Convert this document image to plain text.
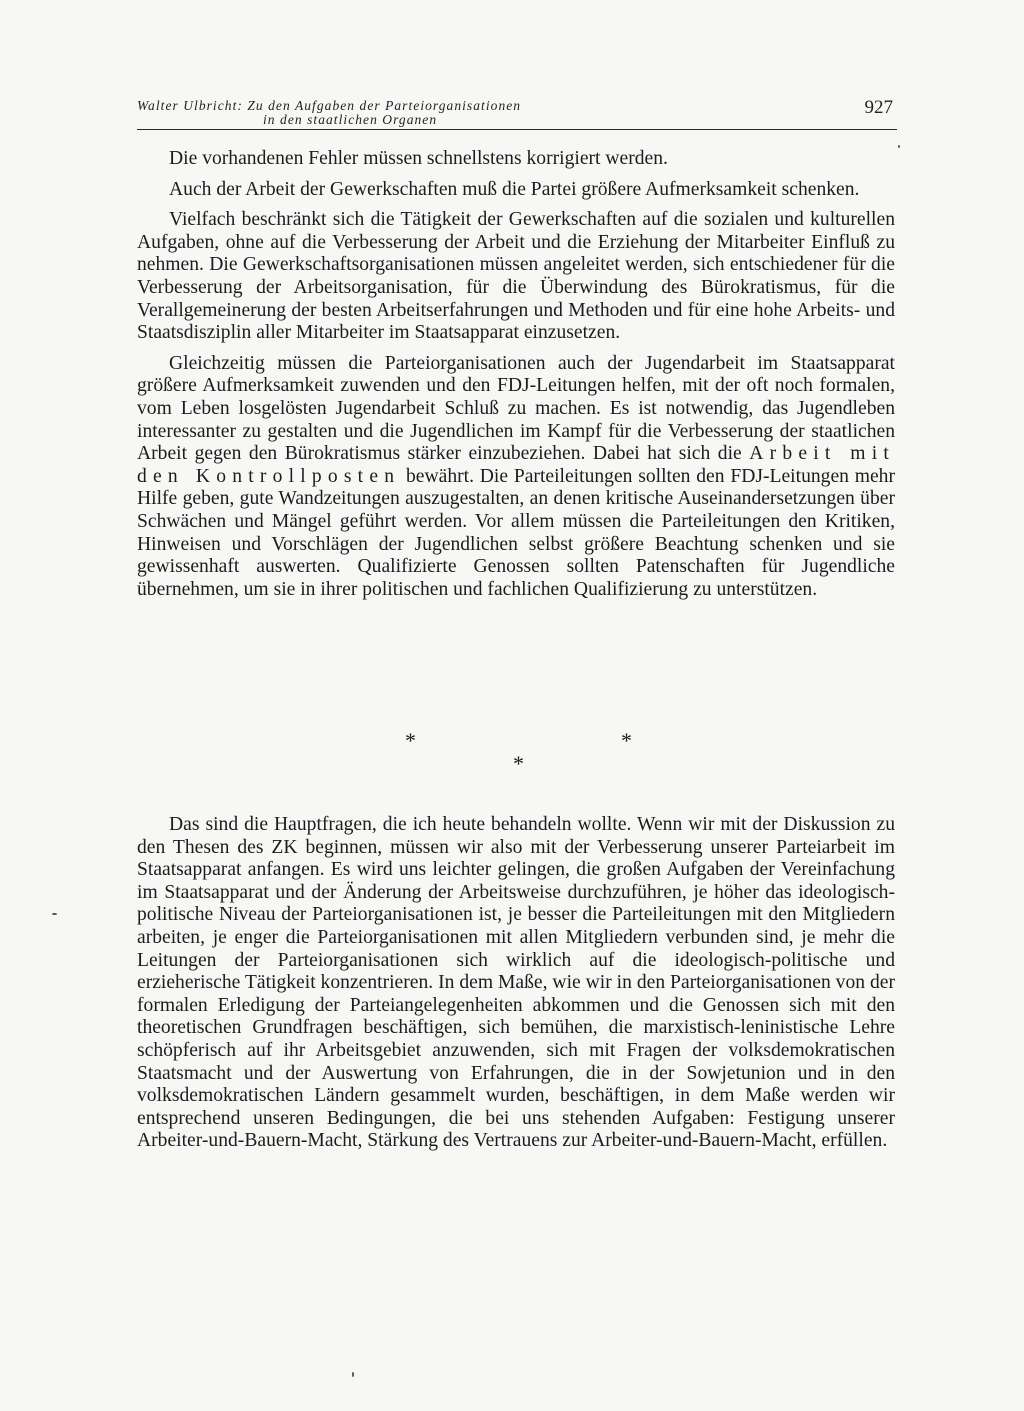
Walter Ulbricht: Zu den Aufgaben der Parteiorganisationen
in den staatlichen Organen
927

Die vorhandenen Fehler müssen schnellstens korrigiert werden.

Auch der Arbeit der Gewerkschaften muß die Partei größere Aufmerksamkeit schenken.

Vielfach beschränkt sich die Tätigkeit der Gewerkschaften auf die sozialen und kulturellen Aufgaben, ohne auf die Verbesserung der Arbeit und die Erziehung der Mitarbeiter Einfluß zu nehmen. Die Gewerkschaftsorganisationen müssen angeleitet werden, sich entschiedener für die Verbesserung der Arbeitsorganisation, für die Überwindung des Bürokratismus, für die Verallgemeinerung der besten Arbeitserfahrungen und Methoden und für eine hohe Arbeits- und Staatsdisziplin aller Mitarbeiter im Staatsapparat einzusetzen.

Gleichzeitig müssen die Parteiorganisationen auch der Jugendarbeit im Staatsapparat größere Aufmerksamkeit zuwenden und den FDJ-Leitungen helfen, mit der oft noch formalen, vom Leben losgelösten Jugendarbeit Schluß zu machen. Es ist notwendig, das Jugendleben interessanter zu gestalten und die Jugendlichen im Kampf für die Verbesserung der staatlichen Arbeit gegen den Bürokratismus stärker einzubeziehen. Dabei hat sich die Arbeit mit den Kontrollposten bewährt. Die Parteileitungen sollten den FDJ-Leitungen mehr Hilfe geben, gute Wandzeitungen auszugestalten, an denen kritische Auseinandersetzungen über Schwächen und Mängel geführt werden. Vor allem müssen die Parteileitungen den Kritiken, Hinweisen und Vorschlägen der Jugendlichen selbst größere Beachtung schenken und sie gewissenhaft auswerten. Qualifizierte Genossen sollten Patenschaften für Jugendliche übernehmen, um sie in ihrer politischen und fachlichen Qualifizierung zu unterstützen.

*	*
*

Das sind die Hauptfragen, die ich heute behandeln wollte. Wenn wir mit der Diskussion zu den Thesen des ZK beginnen, müssen wir also mit der Verbesserung unserer Parteiarbeit im Staatsapparat anfangen. Es wird uns leichter gelingen, die großen Aufgaben der Vereinfachung im Staatsapparat und der Änderung der Arbeitsweise durchzuführen, je höher das ideologisch-politische Niveau der Parteiorganisationen ist, je besser die Parteileitungen mit den Mitgliedern arbeiten, je enger die Parteiorganisationen mit allen Mitgliedern verbunden sind, je mehr die Leitungen der Parteiorganisationen sich wirklich auf die ideologisch-politische und erzieherische Tätigkeit konzentrieren. In dem Maße, wie wir in den Parteiorganisationen von der formalen Erledigung der Parteiangelegenheiten abkommen und die Genossen sich mit den theoretischen Grundfragen beschäftigen, sich bemühen, die marxistisch-leninistische Lehre schöpferisch auf ihr Arbeitsgebiet anzuwenden, sich mit Fragen der volksdemokratischen Staatsmacht und der Auswertung von Erfahrungen, die in der Sowjetunion und in den volksdemokratischen Ländern gesammelt wurden, beschäftigen, in dem Maße werden wir entsprechend unseren Bedingungen, die bei uns stehenden Aufgaben: Festigung unserer Arbeiter-und-Bauern-Macht, Stärkung des Vertrauens zur Arbeiter-und-Bauern-Macht, erfüllen.
